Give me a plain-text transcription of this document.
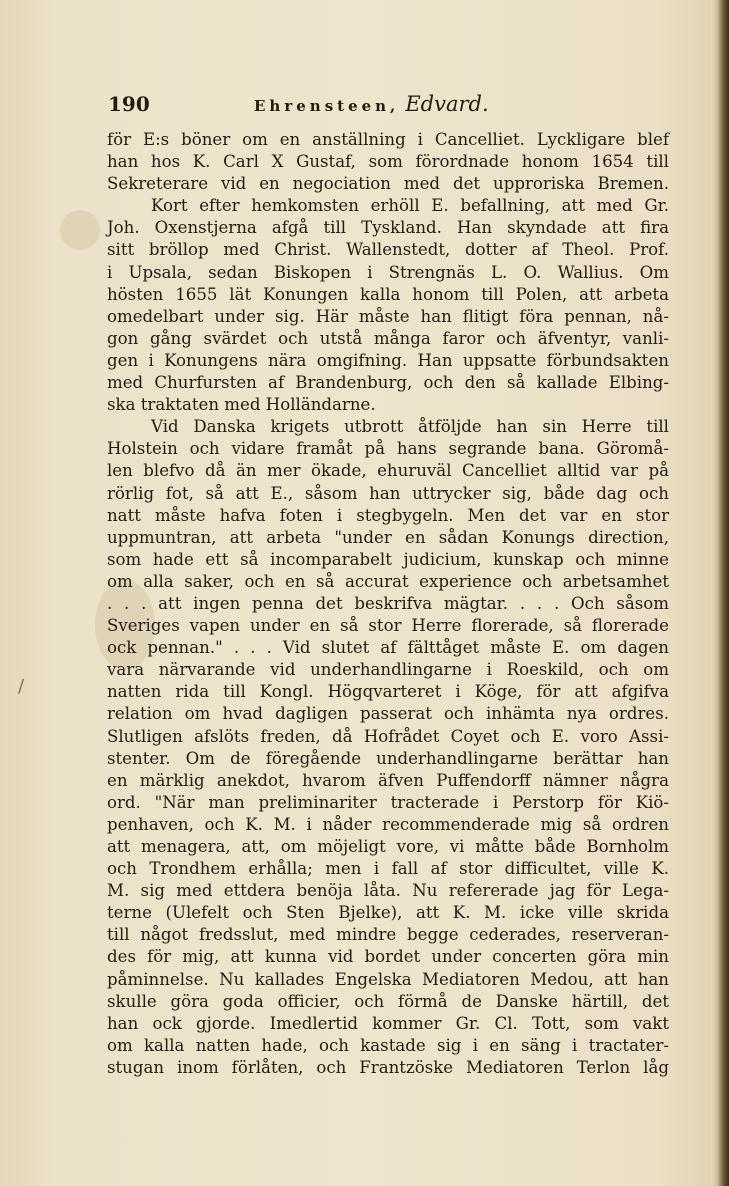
190	Ehrensteen, Edvard.
för E:s böner om en anställning i Cancelliet. Lyckligare blef
han hos K. Carl X Gustaf, som förordnade honom 1654 till
Sekreterare vid en negociation med det upproriska Bremen.
Kort efter hemkomsten erhöll E. befallning, att med Gr.
Joh. Oxenstjerna afgå till Tyskland. Han skyndade att fira
sitt bröllop med Christ. Wallenstedt, dotter af Theol. Prof.
i Upsala, sedan Biskopen i Strengnäs L. O. Wallius. Om
hösten 1655 lät Konungen kalla honom till Polen, att arbeta
omedelbart under sig. Här måste han flitigt föra pennan, nå-
gon gång svärdet och utstå många faror och äfventyr, vanli-
gen i Konungens nära omgifning. Han uppsatte förbundsakten
med Churfursten af Brandenburg, och den så kallade Elbing-
ska traktaten med Holländarne.
Vid Danska krigets utbrott åtföljde han sin Herre till
Holstein och vidare framåt på hans segrande bana. Göromå-
len blefvo då än mer ökade, ehuruväl Cancelliet alltid var på
rörlig fot, så att E., såsom han uttrycker sig, både dag och
natt måste hafva foten i stegbygeln. Men det var en stor
uppmuntran, att arbeta "under en sådan Konungs direction,
som hade ett så incomparabelt judicium, kunskap och minne
om alla saker, och en så accurat experience och arbetsamhet
. . . att ingen penna det beskrifva mägtar. . . . Och såsom
Sveriges vapen under en så stor Herre florerade, så florerade
ock pennan." . . . Vid slutet af fälttåget måste E. om dagen
vara närvarande vid underhandlingarne i Roeskild, och om
natten rida till Kongl. Högqvarteret i Köge, för att afgifva
relation om hvad dagligen passerat och inhämta nya ordres.
Slutligen afslöts freden, då Hofrådet Coyet och E. voro Assi-
stenter. Om de föregående underhandlingarne berättar han
en märklig anekdot, hvarom äfven Puffendorff nämner några
ord. "När man preliminariter tracterade i Perstorp för Kiö-
penhaven, och K. M. i nåder recommenderade mig så ordren
att menagera, att, om möjeligt vore, vi måtte både Bornholm
och Trondhem erhålla; men i fall af stor difficultet, ville K.
M. sig med ettdera benöja låta. Nu refererade jag för Lega-
terne (Ulefelt och Sten Bjelke), att K. M. icke ville skrida
till något fredsslut, med mindre begge cederades, reserveran-
des för mig, att kunna vid bordet under concerten göra min
påminnelse. Nu kallades Engelska Mediatoren Medou, att han
skulle göra goda officier, och förmå de Danske härtill, det
han ock gjorde. Imedlertid kommer Gr. Cl. Tott, som vakt
om kalla natten hade, och kastade sig i en säng i tractater-
stugan inom förlåten, och Frantzöske Mediatoren Terlon låg
/
